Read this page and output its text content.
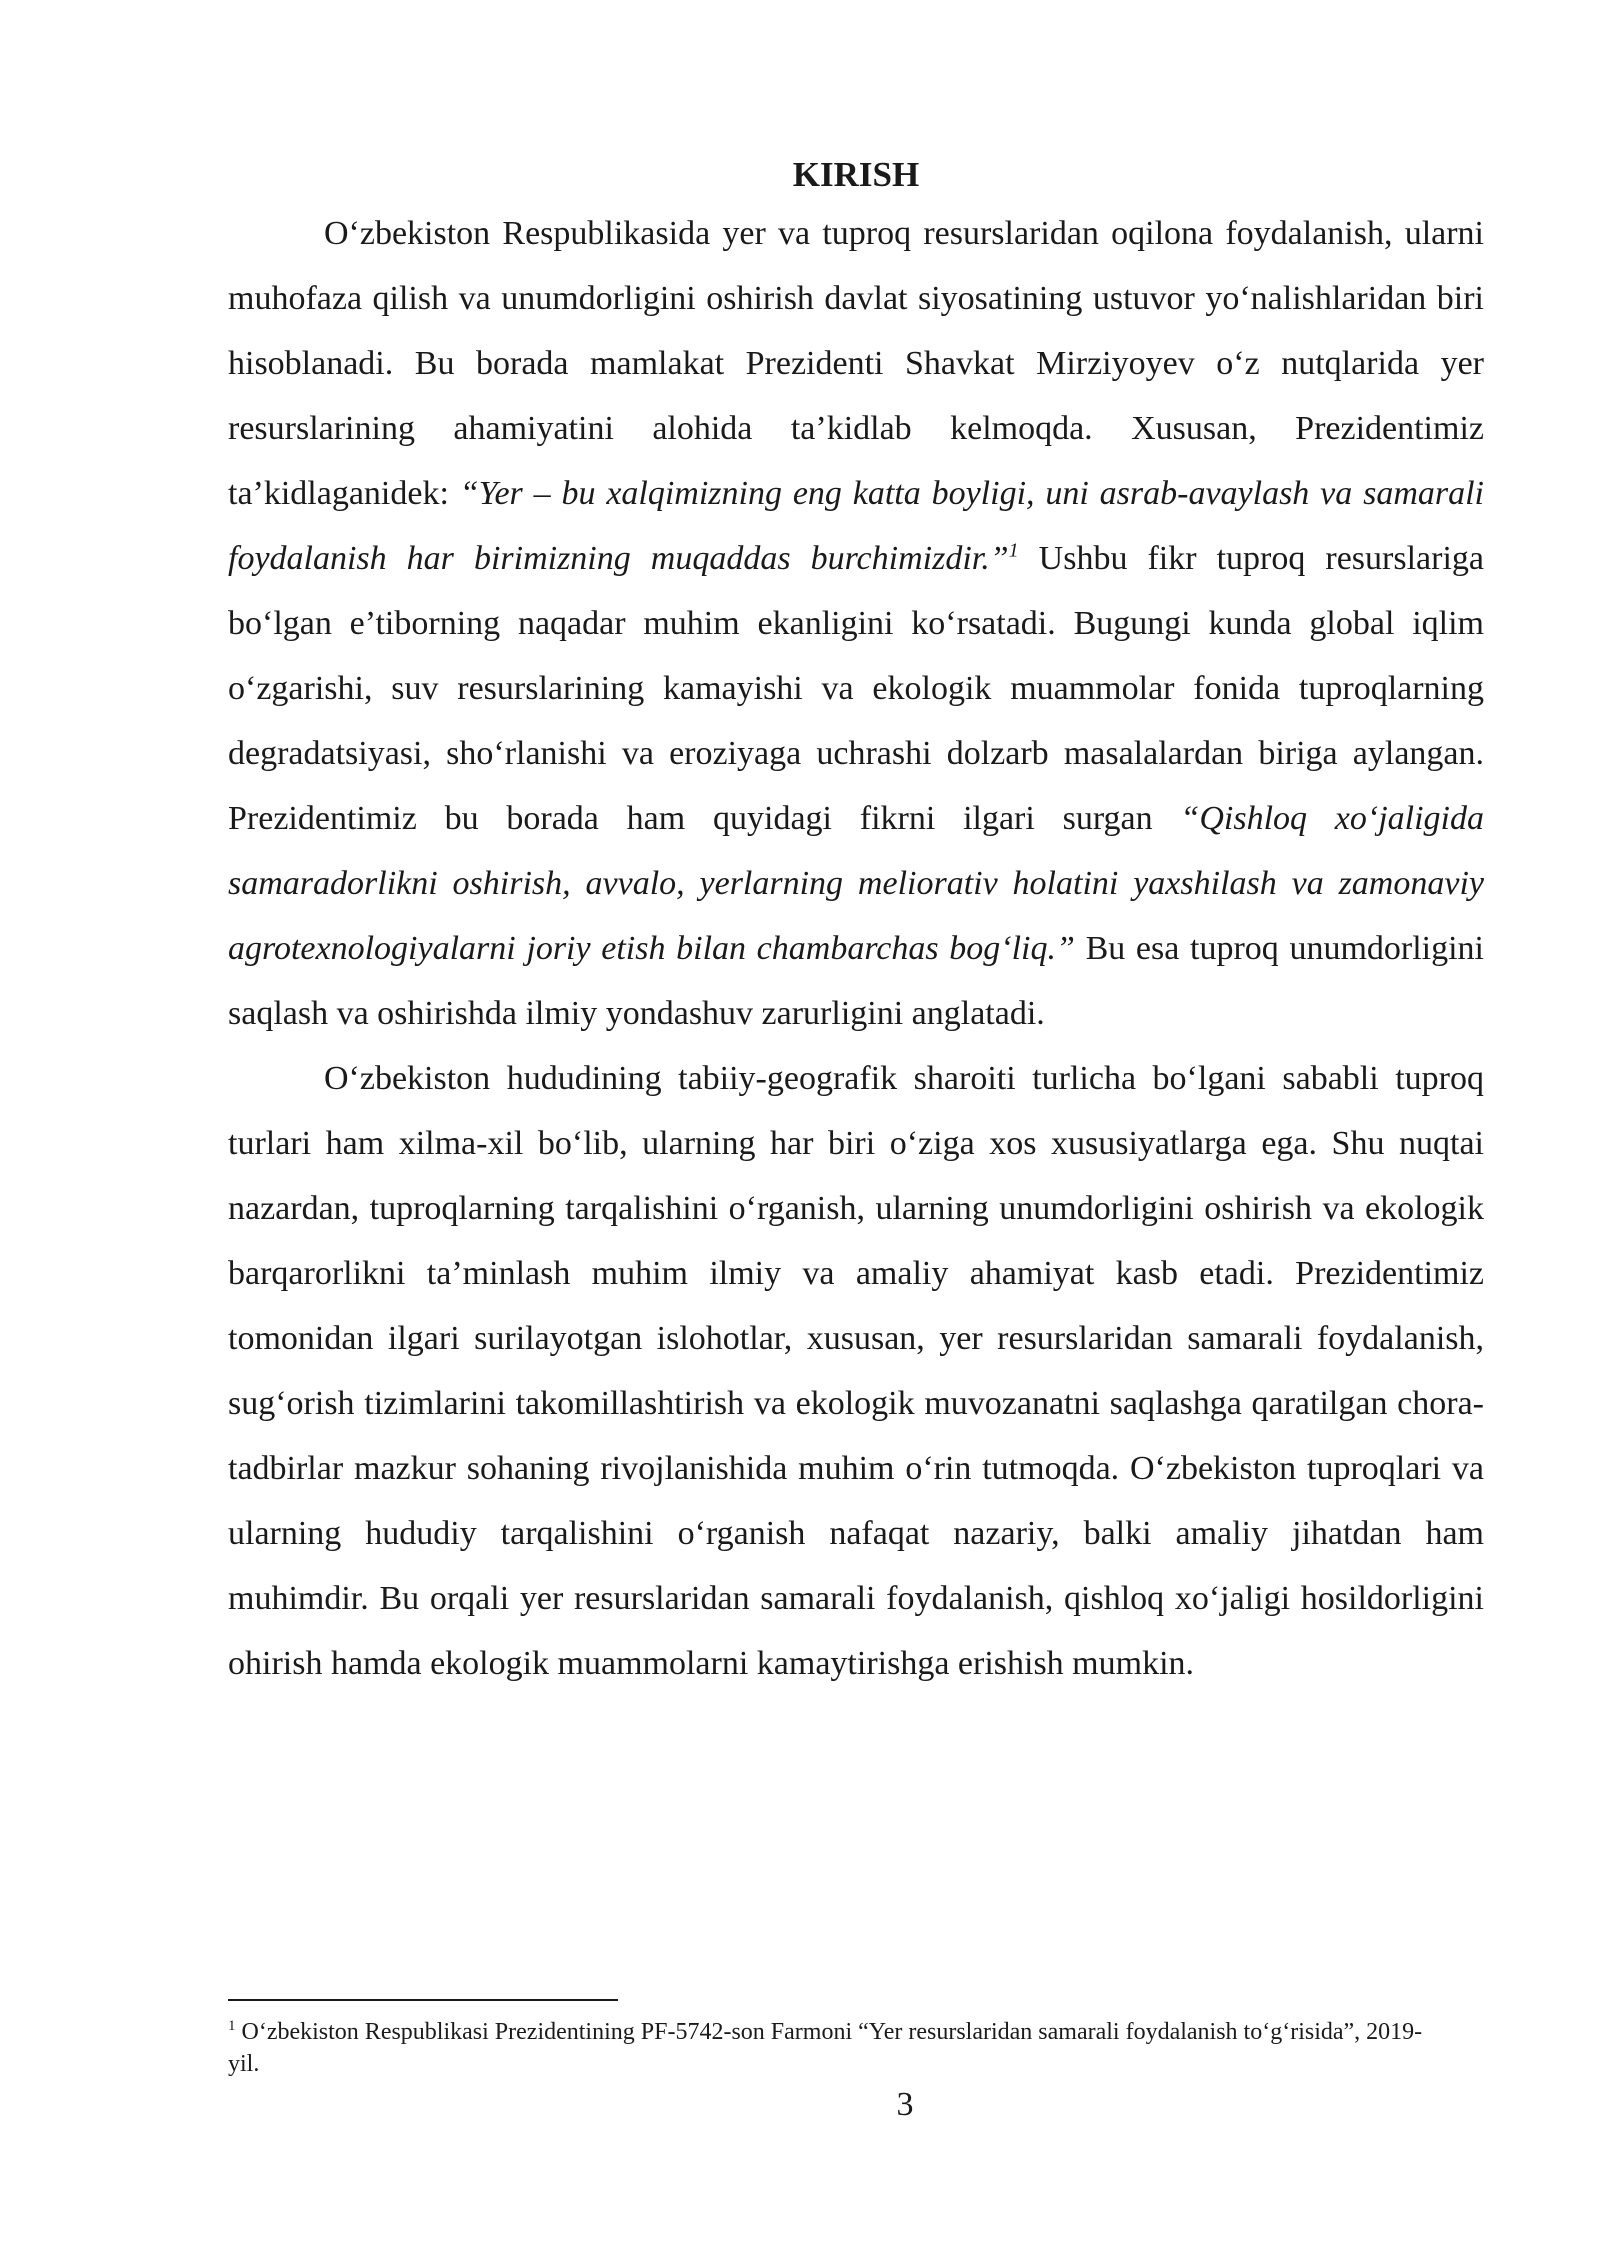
KIRISH

O‘zbekiston Respublikasida yer va tuproq resurslaridan oqilona foydalanish, ularni muhofaza qilish va unumdorligini oshirish davlat siyosatining ustuvor yo‘nalishlaridan biri hisoblanadi. Bu borada mamlakat Prezidenti Shavkat Mirziyoyev o‘z nutqlarida yer resurslarining ahamiyatini alohida ta’kidlab kelmoqda. Xususan, Prezidentimiz ta’kidlaganidek: “Yer – bu xalqimizning eng katta boyligi, uni asrab-avaylash va samarali foydalanish har birimizning muqaddas burchimizdir.”$^1$ Ushbu fikr tuproq resurslariga bo‘lgan e’tiborning naqadar muhim ekanligini ko‘rsatadi. Bugungi kunda global iqlim o‘zgarishi, suv resurslarining kamayishi va ekologik muammolar fonida tuproqlarning degradatsiyasi, sho‘rlanishi va eroziyaga uchrashi dolzarb masalalardan biriga aylangan. Prezidentimiz bu borada ham quyidagi fikrni ilgari surgan “Qishloq xo‘jaligida samaradorlikni oshirish, avvalo, yerlarning meliorativ holatini yaxshilash va zamonaviy agrotexnologiyalarni joriy etish bilan chambarchas bog‘liq.” Bu esa tuproq unumdorligini saqlash va oshirishda ilmiy yondashuv zarurligini anglatadi.

O‘zbekiston hududining tabiiy-geografik sharoiti turlicha bo‘lgani sababli tuproq turlari ham xilma-xil bo‘lib, ularning har biri o‘ziga xos xususiyatlarga ega. Shu nuqtai nazardan, tuproqlarning tarqalishini o‘rganish, ularning unumdorligini oshirish va ekologik barqarorlikni ta’minlash muhim ilmiy va amaliy ahamiyat kasb etadi. Prezidentimiz tomonidan ilgari surilayotgan islohotlar, xususan, yer resurslaridan samarali foydalanish, sug‘orish tizimlarini takomillashtirish va ekologik muvozanatni saqlashga qaratilgan chora-tadbirlar mazkur sohaning rivojlanishida muhim o‘rin tutmoqda. O‘zbekiston tuproqlari va ularning hududiy tarqalishini o‘rganish nafaqat nazariy, balki amaliy jihatdan ham muhimdir. Bu orqali yer resurslaridan samarali foydalanish, qishloq xo‘jaligi hosildorligini ohirish hamda ekologik muammolarni kamaytirishga erishish mumkin.

$^1$ O‘zbekiston Respublikasi Prezidentining PF-5742-son Farmoni “Yer resurslaridan samarali foydalanish to‘g‘risida”, 2019-yil.
3
